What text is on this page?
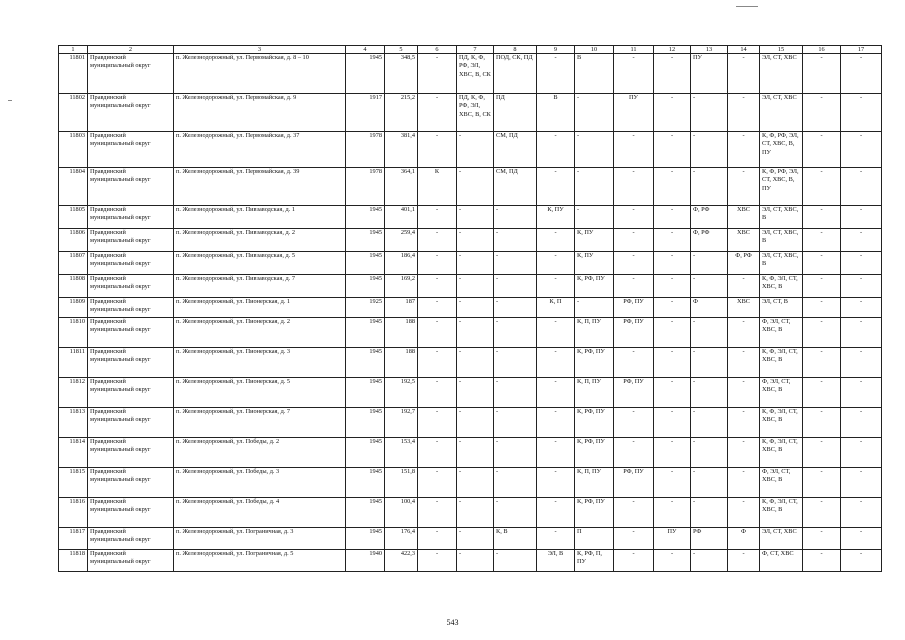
1	2	3	4	5	6	7	8	9	10	11	12	13	14	15	16	17
11801	Правдинский муниципальный округ	п. Железнодорожный, ул. Первомайская, д. 8 – 10	1945	348,5	-	ПД, К, Ф, РФ, ЭЛ, ХВС, В, СК	ПОД, СК, ПД	-	В	-	-	ПУ	-	ЭЛ, СТ, ХВС	-	-
11802	Правдинский муниципальный округ	п. Железнодорожный, ул. Первомайская, д. 9	1917	215,2	-	ПД, К, Ф, РФ, ЭЛ, ХВС, В, СК	ПД	В	-	ПУ	-	-	-	ЭЛ, СТ, ХВС	-	-
11803	Правдинский муниципальный округ	п. Железнодорожный, ул. Первомайская, д. 37	1978	381,4	-	-	СМ, ПД	-	-	-	-	-	-	К, Ф, РФ, ЭЛ, СТ, ХВС, В, ПУ	-	-
11804	Правдинский муниципальный округ	п. Железнодорожный, ул. Первомайская, д. 39	1978	364,1	К	-	СМ, ПД	-	-	-	-	-	-	К, Ф, РФ, ЭЛ, СТ, ХВС, В, ПУ	-	-
11805	Правдинский муниципальный округ	п. Железнодорожный, ул. Пивзаводская, д. 1	1945	401,1	-	-	-	К, ПУ	-	-	-	Ф, РФ	ХВС	ЭЛ, СТ, ХВС, В	-	-
11806	Правдинский муниципальный округ	п. Железнодорожный, ул. Пивзаводская, д. 2	1945	259,4	-	-	-	-	К, ПУ	-	-	Ф, РФ	ХВС	ЭЛ, СТ, ХВС, В	-	-
11807	Правдинский муниципальный округ	п. Железнодорожный, ул. Пивзаводская, д. 5	1945	186,4	-	-	-	-	К, ПУ	-	-	-	Ф, РФ	ЭЛ, СТ, ХВС, В	-	-
11808	Правдинский муниципальный округ	п. Железнодорожный, ул. Пивзаводская, д. 7	1945	169,2	-	-	-	-	К, РФ, ПУ	-	-	-	-	К, Ф, ЭЛ, СТ, ХВС, В	-	-
11809	Правдинский муниципальный округ	п. Железнодорожный, ул. Пионерская, д. 1	1925	187	-	-	-	К, П	-	РФ, ПУ	-	Ф	ХВС	ЭЛ, СТ, В	-	-
11810	Правдинский муниципальный округ	п. Железнодорожный, ул. Пионерская, д. 2	1945	188	-	-	-	-	К, П, ПУ	РФ, ПУ	-	-	-	Ф, ЭЛ, СТ, ХВС, В	-	-
11811	Правдинский муниципальный округ	п. Железнодорожный, ул. Пионерская, д. 3	1945	188	-	-	-	-	К, РФ, ПУ	-	-	-	-	К, Ф, ЭЛ, СТ, ХВС, В	-	-
11812	Правдинский муниципальный округ	п. Железнодорожный, ул. Пионерская, д. 5	1945	192,5	-	-	-	-	К, П, ПУ	РФ, ПУ	-	-	-	Ф, ЭЛ, СТ, ХВС, В	-	-
11813	Правдинский муниципальный округ	п. Железнодорожный, ул. Пионерская, д. 7	1945	192,7	-	-	-	-	К, РФ, ПУ	-	-	-	-	К, Ф, ЭЛ, СТ, ХВС, В	-	-
11814	Правдинский муниципальный округ	п. Железнодорожный, ул. Победы, д. 2	1945	153,4	-	-	-	-	К, РФ, ПУ	-	-	-	-	К, Ф, ЭЛ, СТ, ХВС, В	-	-
11815	Правдинский муниципальный округ	п. Железнодорожный, ул. Победы, д. 3	1945	151,8	-	-	-	-	К, П, ПУ	РФ, ПУ	-	-	-	Ф, ЭЛ, СТ, ХВС, В	-	-
11816	Правдинский муниципальный округ	п. Железнодорожный, ул. Победы, д. 4	1945	100,4	-	-	-	-	К, РФ, ПУ	-	-	-	-	К, Ф, ЭЛ, СТ, ХВС, В	-	-
11817	Правдинский муниципальный округ	п. Железнодорожный, ул. Пограничная, д. 3	1945	176,4	-	-	К, В	-	П	-	ПУ	РФ	Ф	ЭЛ, СТ, ХВС	-	-
11818	Правдинский муниципальный округ	п. Железнодорожный, ул. Пограничная, д. 5	1940	422,3	-	-	-	ЭЛ, В	К, РФ, П, ПУ	-	-	-	-	Ф, СТ, ХВС	-	-
543
